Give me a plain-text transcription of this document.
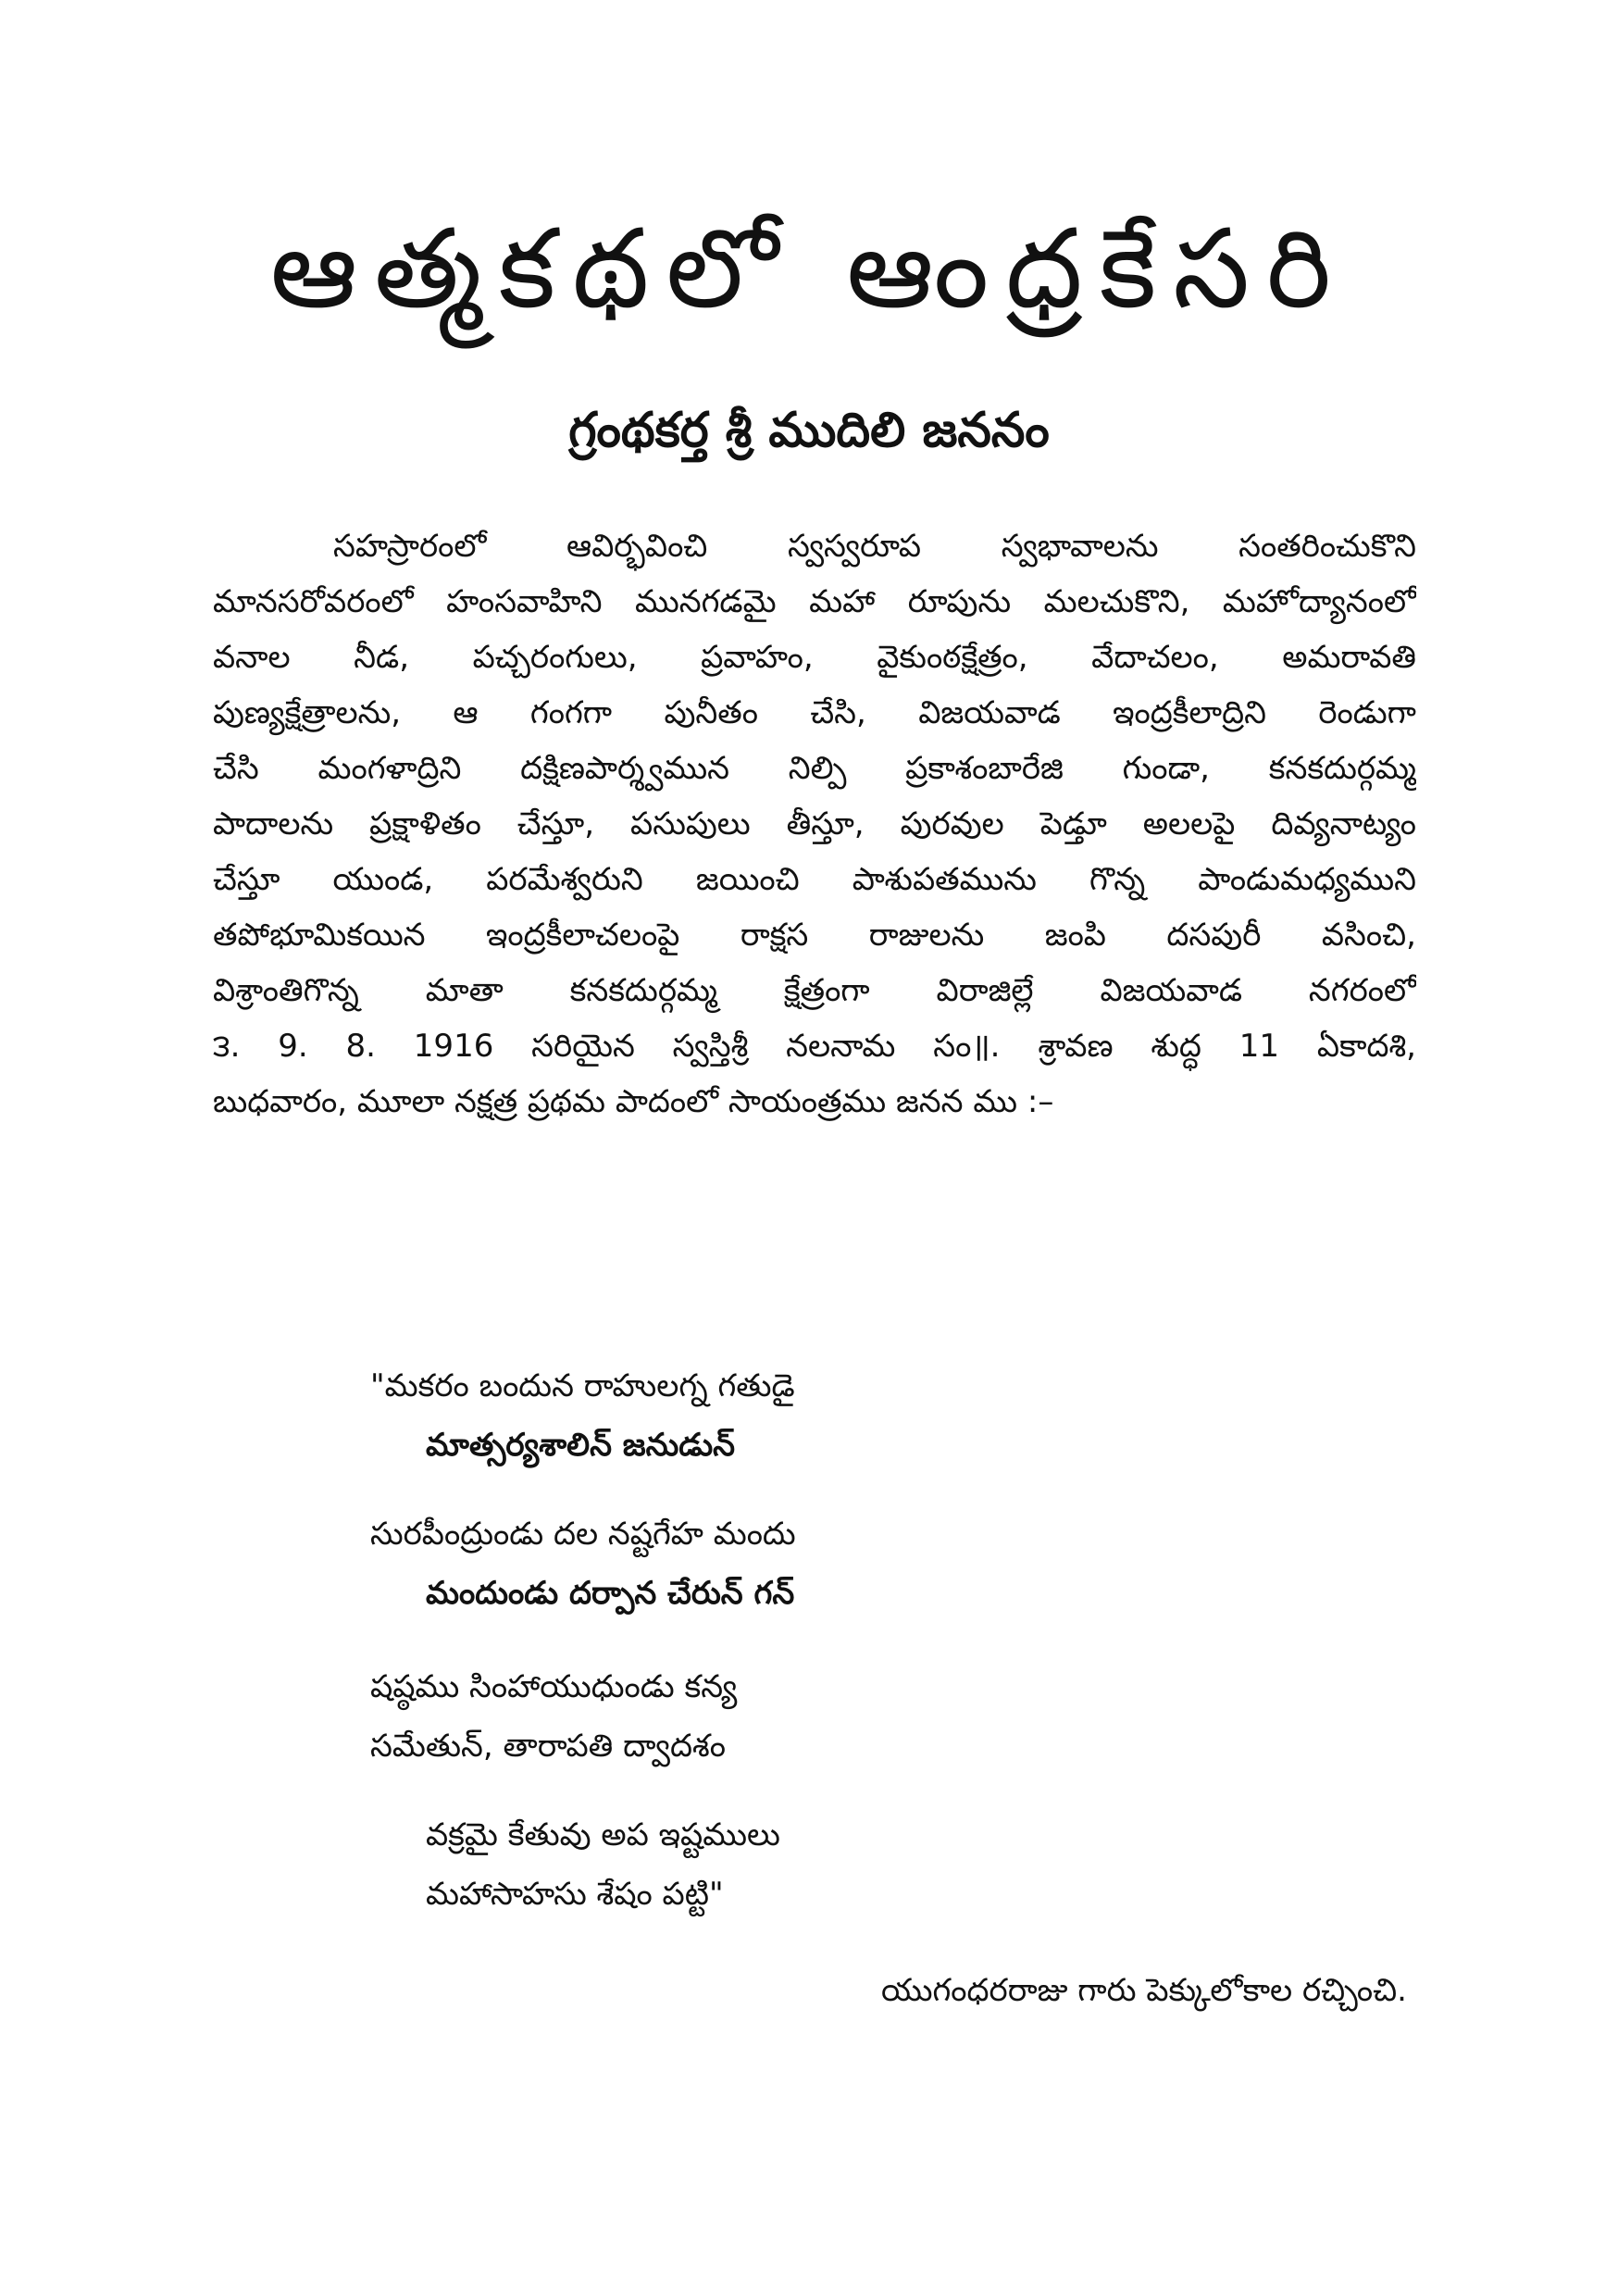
ఆత్మకథలో ఆంధ్రకేసరి
గ్రంథకర్త శ్రీ ముదిలి జననం
సహస్రారంలో ఆవిర్భవించి స్వస్వరూప స్వభావాలను సంతరించుకొని
మానసరోవరంలో హంసవాహిని మునగడమై మహా రూపును మలచుకొని, మహోద్యానంలో
వనాల నీడ, పచ్చరంగులు, ప్రవాహం, వైకుంఠక్షేత్రం, వేదాచలం, అమరావతి
పుణ్యక్షేత్రాలను, ఆ గంగగా పునీతం చేసి, విజయవాడ ఇంద్రకీలాద్రిని రెండుగా
చేసి మంగళాద్రిని దక్షిణపార్శ్వమున నిల్పి ప్రకాశంబారేజి గుండా, కనకదుర్గమ్మ
పాదాలను ప్రక్షాళితం చేస్తూ, పసుపులు తీస్తూ, పురవుల పెడ్తూ అలలపై దివ్యనాట్యం
చేస్తూ యుండ, పరమేశ్వరుని జయించి పాశుపతమును గొన్న పాండుమధ్యముని
తపోభూమికయిన ఇంద్రకీలాచలంపై రాక్షస రాజులను జంపి దసపురీ వసించి,
విశ్రాంతిగొన్న మాతా కనకదుర్గమ్మ క్షేత్రంగా విరాజిల్లే విజయవాడ నగరంలో
౩. 9. 8. 1916 సరియైన స్వస్తిశ్రీ నలనామ సం॥. శ్రావణ శుద్ధ 11 ఏకాదశి,
బుధవారం, మూలా నక్షత్ర ప్రథమ పాదంలో సాయంత్రము జనన ము :–
"మకరం బందున రాహులగ్న గతుడై
మాత్సర్యశాలిన్ జనుడున్
సురపీంద్రుండు దల నష్టగేహ మందు
మందుండు దర్పాన చేరున్ గన్
షష్ఠము సింహాయుధుండు కన్య
సమేతున్, తారాపతి ద్వాదశం
వక్రమై కేతువు అప ఇష్టములు
మహాసాహసు శేషం పట్టి"
యుగంధరరాజు గారు పెక్కులోకాల రచ్చించి.
